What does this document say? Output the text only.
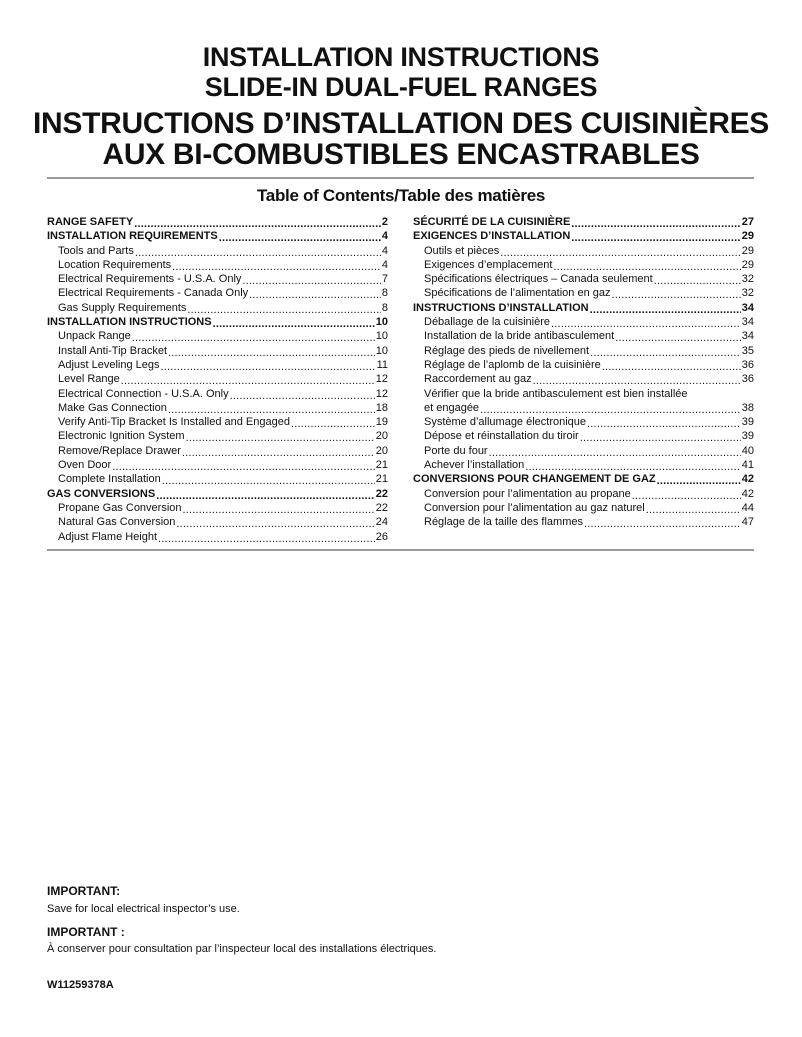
INSTALLATION INSTRUCTIONS
SLIDE-IN DUAL-FUEL RANGES
INSTRUCTIONS D’INSTALLATION DES CUISINIÈRES
AUX BI-COMBUSTIBLES ENCASTRABLES
Table of Contents/Table des matières
RANGE SAFETY .....	2
INSTALLATION REQUIREMENTS .....	4
Tools and Parts .....	4
Location Requirements .....	4
Electrical Requirements - U.S.A. Only .....	7
Electrical Requirements - Canada Only .....	8
Gas Supply Requirements .....	8
INSTALLATION INSTRUCTIONS .....	10
Unpack Range .....	10
Install Anti-Tip Bracket .....	10
Adjust Leveling Legs .....	11
Level Range .....	12
Electrical Connection - U.S.A. Only .....	12
Make Gas Connection .....	18
Verify Anti-Tip Bracket Is Installed and Engaged .....	19
Electronic Ignition System .....	20
Remove/Replace Drawer .....	20
Oven Door .....	21
Complete Installation .....	21
GAS CONVERSIONS .....	22
Propane Gas Conversion .....	22
Natural Gas Conversion .....	24
Adjust Flame Height .....	26
SÉCURITÉ DE LA CUISINIÈRE .....	27
EXIGENCES D’INSTALLATION .....	29
Outils et pièces .....	29
Exigences d’emplacement .....	29
Spécifications électriques – Canada seulement .....	32
Spécifications de l’alimentation en gaz .....	32
INSTRUCTIONS D’INSTALLATION .....	34
Déballage de la cuisinière .....	34
Installation de la bride antibasculement .....	34
Réglage des pieds de nivellement .....	35
Réglage de l’aplomb de la cuisinière .....	36
Raccordement au gaz .....	36
Vérifier que la bride antibasculement est bien installée
et engagée .....	38
Système d’allumage électronique .....	39
Dépose et réinstallation du tiroir .....	39
Porte du four .....	40
Achever l’installation .....	41
CONVERSIONS POUR CHANGEMENT DE GAZ .....	42
Conversion pour l’alimentation au propane .....	42
Conversion pour l’alimentation au gaz naturel .....	44
Réglage de la taille des flammes .....	47
IMPORTANT:
Save for local electrical inspector’s use.
IMPORTANT :
À conserver pour consultation par l’inspecteur local des installations électriques.
W11259378A
